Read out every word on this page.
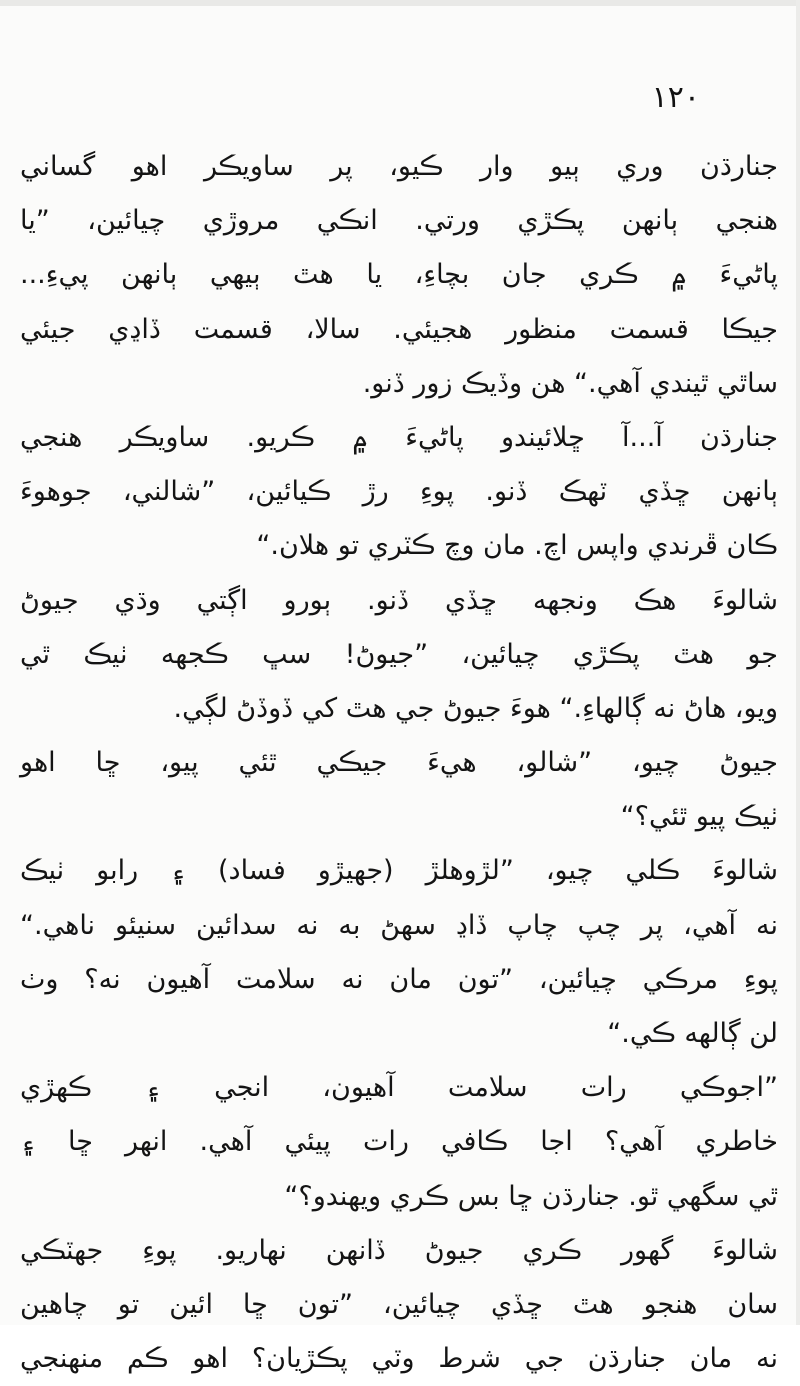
١٢٠
جنارڌن وري ٻيو وار ڪيو، پر ساويڪر اهو گساني
هنجي ٻانهن پڪڙي ورتي. انڪي مروڙي چيائين، ”يا
پاڻيءَ ۾ ڪري جان بچاءِ، يا هٿ ٻيهي ٻانهن پيءِ...
جيڪا قسمت منظور هجيئي. سالا، قسمت ڏاڍي جيئي
ساٿي ٿيندي آهي.“ هن وڏيڪ زور ڏنو.
جنارڌن آ...آ ڇلائيندو پاڻيءَ ۾ ڪريو. ساويڪر هنجي
ٻانهن ڇڏي ٽهڪ ڏنو. پوءِ رڙ ڪيائين، ”شالني، جوهوءَ
ڪان ڦرندي واپس اچ. مان وچ ڪٽري تو هلان.“
شالوءَ هڪ ونجهه ڇڏي ڏنو. ٻورو اڳتي وڌي جيوڻ
جو هٿ پڪڙي چيائين، ”جيوڻ! سڀ ڪجهه ٺيڪ ٿي
ويو، هاڻ نه ڳالهاءِ.“ هوءَ جيوڻ جي هٿ کي ڏوڏڻ لڳي.
جيوڻ چيو، ”شالو، هيءَ جيڪي ٿئي پيو، ڇا اهو
ٺيڪ پيو ٿئي؟“
شالوءَ ڪلي چيو، ”لڙوهلڙ (جهيڙو فساد) ۽ رابو ٺيڪ
نه آهي، پر چپ چاپ ڏاڍ سهڻ به نه سدائين سنيئو ناهي.“
پوءِ مرڪي چيائين، ”تون مان نه سلامت آهيون نه؟ وٺ
لن ڳالهه ڪي.“
”اجوڪي رات سلامت آهيون، انجي ۽ ڪهڙي
خاطري آهي؟ اجا ڪافي رات پيئي آهي. انهر ڇا ۽
ٿي سگهي ٿو. جنارڌن ڇا بس ڪري ويهندو؟“
شالوءَ گهور ڪري جيوڻ ڏانهن نهاريو. پوءِ جهٽڪي
سان هنجو هٿ ڇڏي چيائين، ”تون ڇا ائين تو چاهين
نه مان جنارڌن جي شرط وٽي پڪڙيان؟ اهو ڪم منهنجي
